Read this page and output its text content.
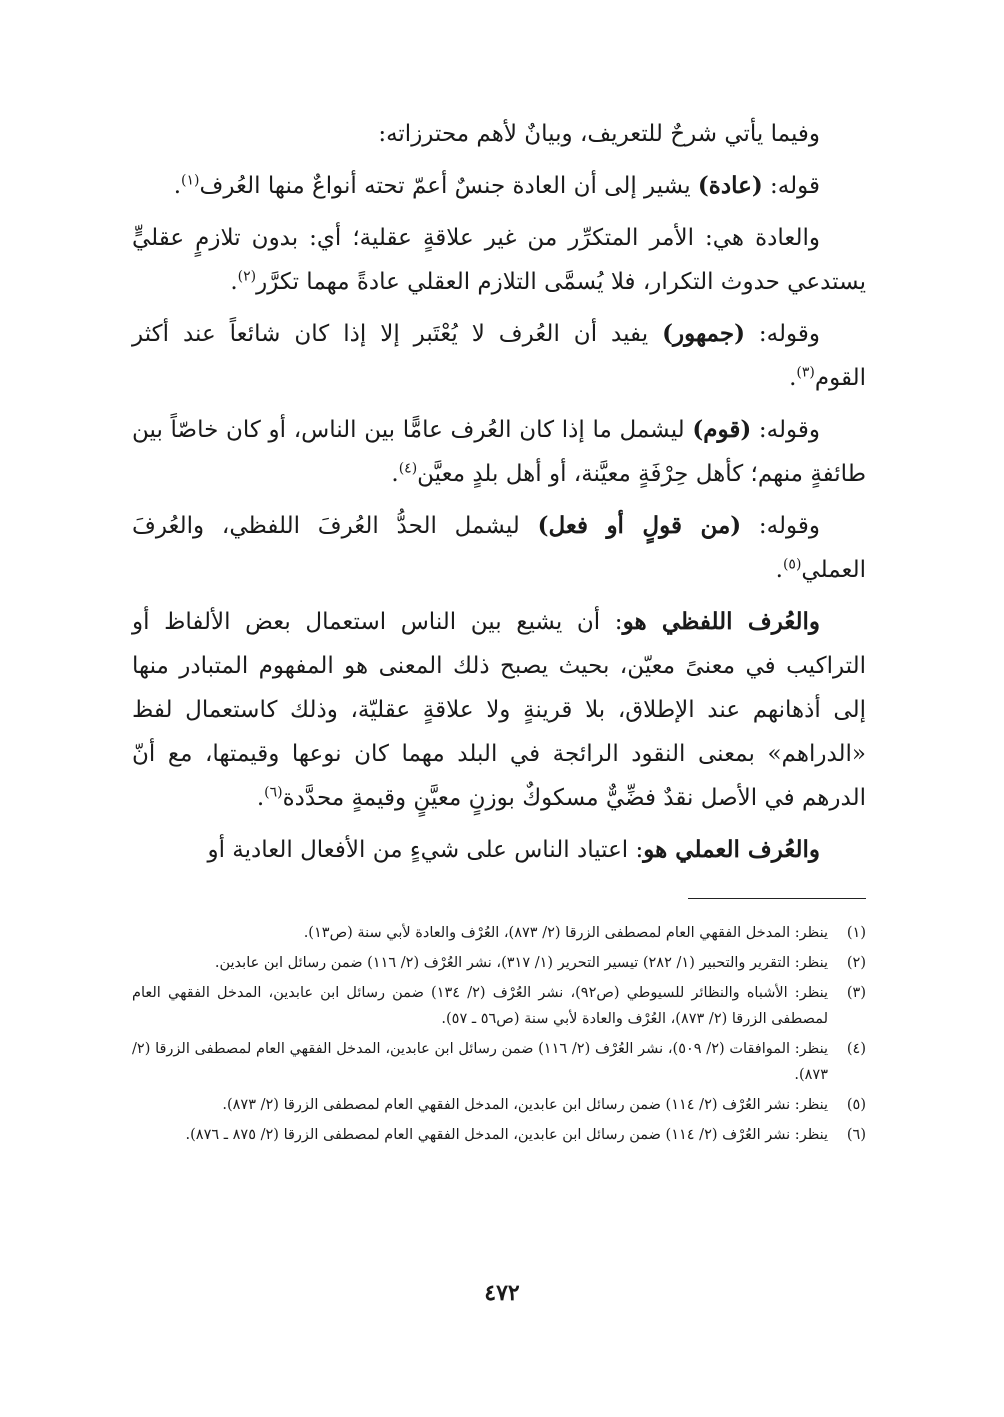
وفيما يأتي شرحٌ للتعريف، وبيانٌ لأهم محترزاته:

قوله: (عادة) يشير إلى أن العادة جنسٌ أعمّ تحته أنواعٌ منها العُرف$^{(١)}$.

والعادة هي: الأمر المتكرِّر من غير علاقةٍ عقلية؛ أي: بدون تلازمٍ عقليٍّ يستدعي حدوث التكرار، فلا يُسمَّى التلازم العقلي عادةً مهما تكرَّر$^{(٢)}$.

وقوله: (جمهور) يفيد أن العُرف لا يُعْتَبر إلا إذا كان شائعاً عند أكثر القوم$^{(٣)}$.

وقوله: (قوم) ليشمل ما إذا كان العُرف عامًّا بين الناس، أو كان خاصّاً بين طائفةٍ منهم؛ كأهل حِرْفَةٍ معيَّنة، أو أهل بلدٍ معيَّن$^{(٤)}$.

وقوله: (من قولٍ أو فعل) ليشمل الحدُّ العُرفَ اللفظي، والعُرفَ العملي$^{(٥)}$.

والعُرف اللفظي هو: أن يشيع بين الناس استعمال بعض الألفاظ أو التراكيب في معنىً معيّن، بحيث يصبح ذلك المعنى هو المفهوم المتبادر منها إلى أذهانهم عند الإطلاق، بلا قرينةٍ ولا علاقةٍ عقليّة، وذلك كاستعمال لفظ «الدراهم» بمعنى النقود الرائجة في البلد مهما كان نوعها وقيمتها، مع أنّ الدرهم في الأصل نقدٌ فضِّيٌّ مسكوكٌ بوزنٍ معيَّنٍ وقيمةٍ محدَّدة$^{(٦)}$.

والعُرف العملي هو: اعتياد الناس على شيءٍ من الأفعال العادية أو

(١)
ينظر: المدخل الفقهي العام لمصطفى الزرقا (٢/ ٨٧٣)، العُرْف والعادة لأبي سنة (ص١٣).
(٢)
ينظر: التقرير والتحبير (١/ ٢٨٢) تيسير التحرير (١/ ٣١٧)، نشر العُرْف (٢/ ١١٦) ضمن رسائل ابن عابدين.
(٣)
ينظر: الأشباه والنظائر للسيوطي (ص٩٢)، نشر العُرْف (٢/ ١٣٤) ضمن رسائل ابن عابدين، المدخل الفقهي العام لمصطفى الزرقا (٢/ ٨٧٣)، العُرْف والعادة لأبي سنة (ص٥٦ ـ ٥٧).
(٤)
ينظر: الموافقات (٢/ ٥٠٩)، نشر العُرْف (٢/ ١١٦) ضمن رسائل ابن عابدين، المدخل الفقهي العام لمصطفى الزرقا (٢/ ٨٧٣).
(٥)
ينظر: نشر العُرْف (٢/ ١١٤) ضمن رسائل ابن عابدين، المدخل الفقهي العام لمصطفى الزرقا (٢/ ٨٧٣).
(٦)
ينظر: نشر العُرْف (٢/ ١١٤) ضمن رسائل ابن عابدين، المدخل الفقهي العام لمصطفى الزرقا (٢/ ٨٧٥ ـ ٨٧٦).
٤٧٢
